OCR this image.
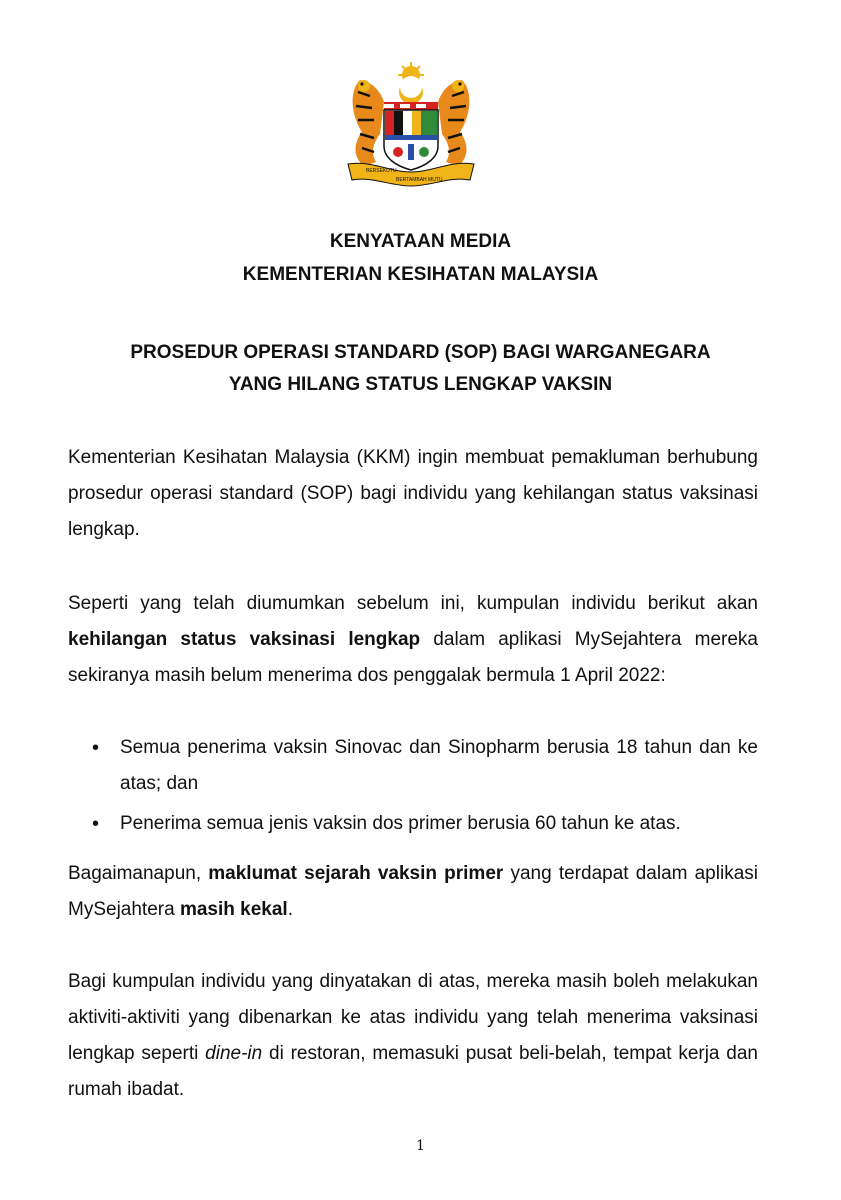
BERSEKUTU
BERTAMBAH MUTU
KENYATAAN MEDIA
KEMENTERIAN KESIHATAN MALAYSIA
PROSEDUR OPERASI STANDARD (SOP) BAGI WARGANEGARA
YANG HILANG STATUS LENGKAP VAKSIN
Kementerian Kesihatan Malaysia (KKM) ingin membuat pemakluman berhubung prosedur operasi standard (SOP) bagi individu yang kehilangan status vaksinasi lengkap.
Seperti yang telah diumumkan sebelum ini, kumpulan individu berikut akan kehilangan status vaksinasi lengkap dalam aplikasi MySejahtera mereka sekiranya masih belum menerima dos penggalak bermula 1 April 2022:
• Semua penerima vaksin Sinovac dan Sinopharm berusia 18 tahun dan ke atas; dan
• Penerima semua jenis vaksin dos primer berusia 60 tahun ke atas.
Bagaimanapun, maklumat sejarah vaksin primer yang terdapat dalam aplikasi MySejahtera masih kekal.
Bagi kumpulan individu yang dinyatakan di atas, mereka masih boleh melakukan aktiviti-aktiviti yang dibenarkan ke atas individu yang telah menerima vaksinasi lengkap seperti dine-in di restoran, memasuki pusat beli-belah, tempat kerja dan rumah ibadat.
1
